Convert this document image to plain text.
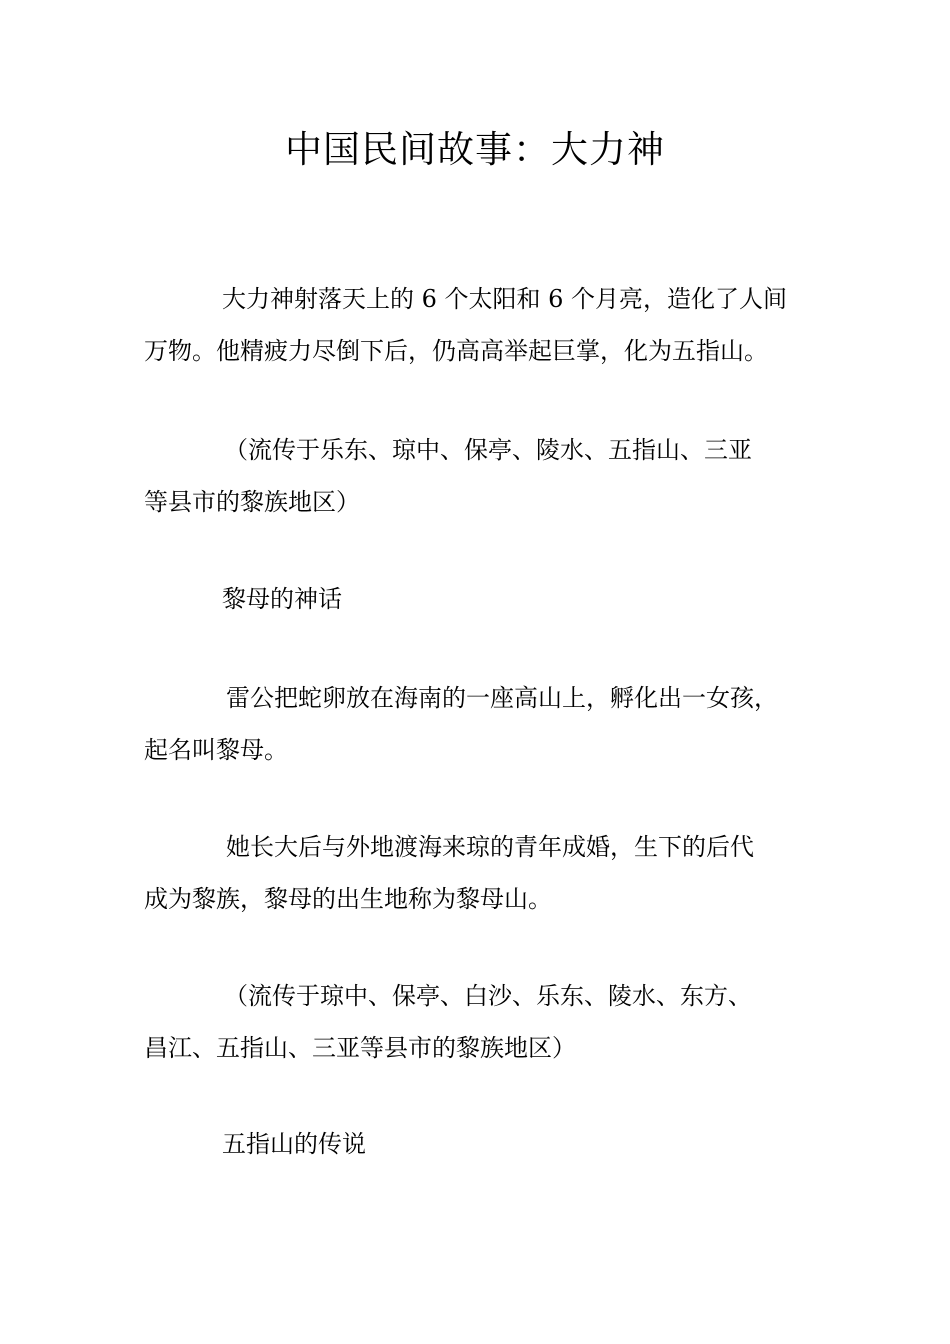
中国民间故事：大力神
大力神射落天上的 6 个太阳和 6 个月亮，造化了人间
万物。他精疲力尽倒下后，仍高高举起巨掌，化为五指山。
（流传于乐东、琼中、保亭、陵水、五指山、三亚
等县市的黎族地区）
黎母的神话
雷公把蛇卵放在海南的一座高山上，孵化出一女孩，
起名叫黎母。
她长大后与外地渡海来琼的青年成婚，生下的后代
成为黎族，黎母的出生地称为黎母山。
（流传于琼中、保亭、白沙、乐东、陵水、东方、
昌江、五指山、三亚等县市的黎族地区）
五指山的传说
